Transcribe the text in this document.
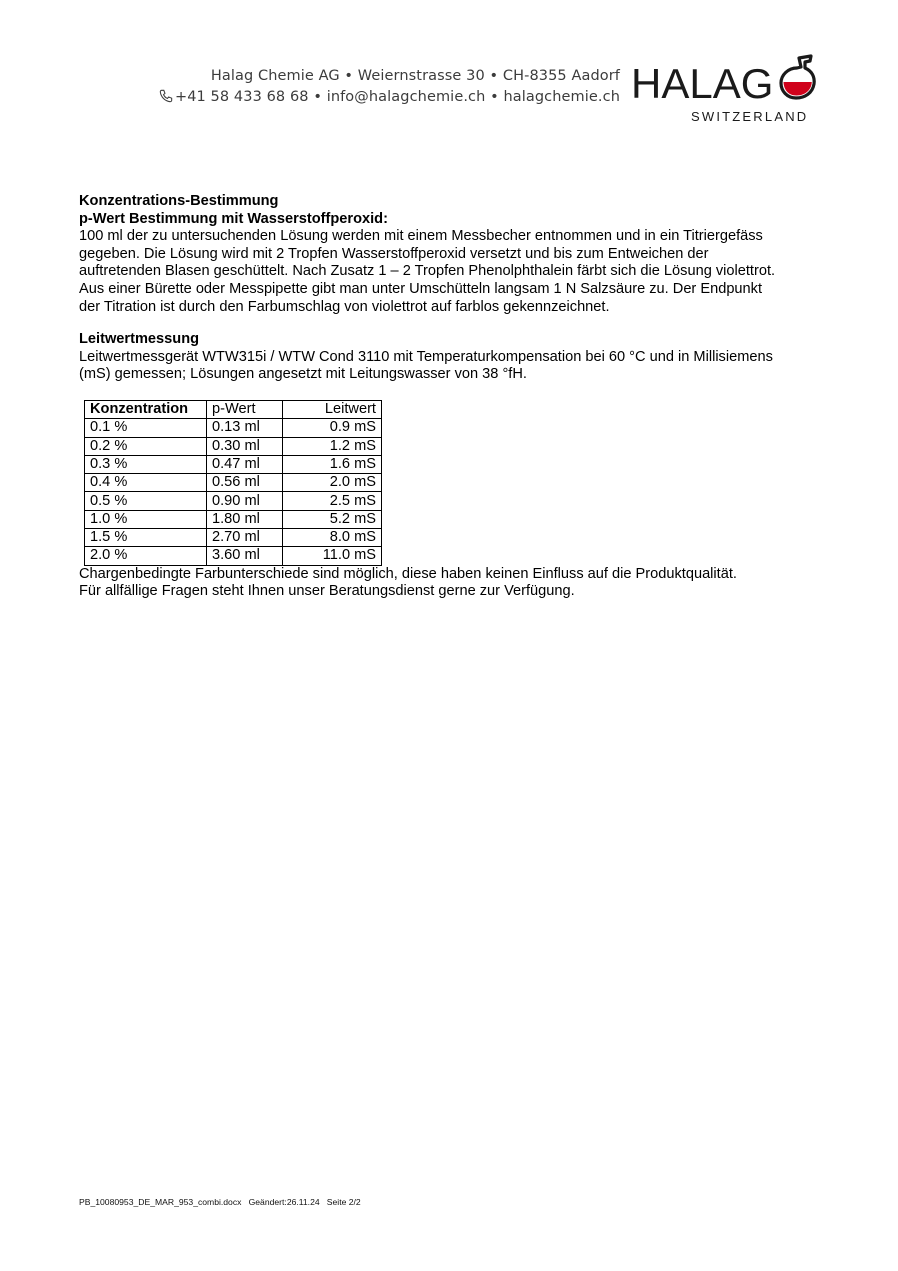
Halag Chemie AG • Weiernstrasse 30 • CH-8355 Aadorf
+41 58 433 68 68 • info@halagchemie.ch • halagchemie.ch HALAG
SWITZERLAND
Konzentrations-Bestimmung
p-Wert Bestimmung mit Wasserstoffperoxid:

100 ml der zu untersuchenden Lösung werden mit einem Messbecher entnommen und in ein Titriergefäss

gegeben. Die Lösung wird mit 2 Tropfen Wasserstoffperoxid versetzt und bis zum Entweichen der

auftretenden Blasen geschüttelt. Nach Zusatz 1 – 2 Tropfen Phenolphthalein färbt sich die Lösung violettrot.

Aus einer Bürette oder Messpipette gibt man unter Umschütteln langsam 1 N Salzsäure zu. Der Endpunkt

der Titration ist durch den Farbumschlag von violettrot auf farblos gekennzeichnet.

Leitwertmessung

Leitwertmessgerät WTW315i / WTW Cond 3110 mit Temperaturkompensation bei 60 °C und in Millisiemens

(mS) gemessen; Lösungen angesetzt mit Leitungswasser von 38 °fH.

Konzentration	p-Wert	Leitwert
0.1 %	0.13 ml	0.9 mS
0.2 %	0.30 ml	1.2 mS
0.3 %	0.47 ml	1.6 mS
0.4 %	0.56 ml	2.0 mS
0.5 %	0.90 ml	2.5 mS
1.0 %	1.80 ml	5.2 mS
1.5 %	2.70 ml	8.0 mS
2.0 %	3.60 ml	11.0 mS

Chargenbedingte Farbunterschiede sind möglich, diese haben keinen Einfluss auf die Produktqualität.

Für allfällige Fragen steht Ihnen unser Beratungsdienst gerne zur Verfügung.

PB_10080953_DE_MAR_953_combi.docx   Geändert:26.11.24   Seite 2/2
